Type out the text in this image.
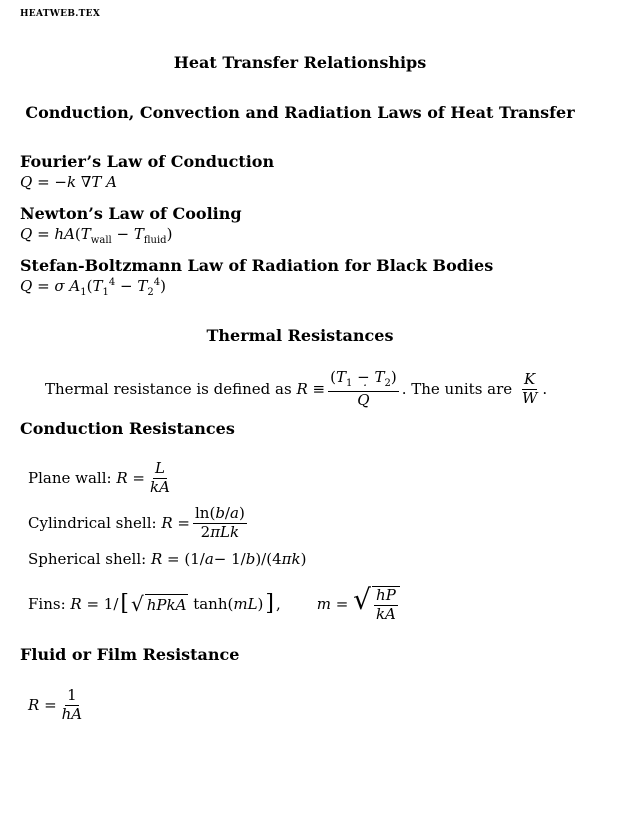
HEATWEB.TEX
Heat Transfer Relationships
Conduction, Convection and Radiation Laws of Heat Transfer
Fourier’s Law of Conduction
˙ Q = −k ∇T A
Newton’s Law of Cooling
˙ $Q = hA(T_{wall} - T_{fluid})$
Stefan-Boltzmann Law of Radiation for Black Bodies
˙ Q = σ $A_1(T_1^4 - T_2^4)$
Thermal Resistances
Thermal resistance is defined as
$R \equiv (T_1 - T_2)$
˙ Q . The units are
$\frac{K}{W}$ .
Conduction Resistances
Plane wall:
$R = \frac{L}{kA}$
Cylindrical shell:
$R = \frac{\ln(b/a)}{\text{2πLk}}$
Spherical shell:
R = (1/ a − 1/ b )/(4 πk )
Fins:
R = 1/ [ √ hPkA tanh( mL ) ] , m = √ $\frac{hP}{kA}$
Fluid or Film Resistance
$R = \frac{1}{hA}$
